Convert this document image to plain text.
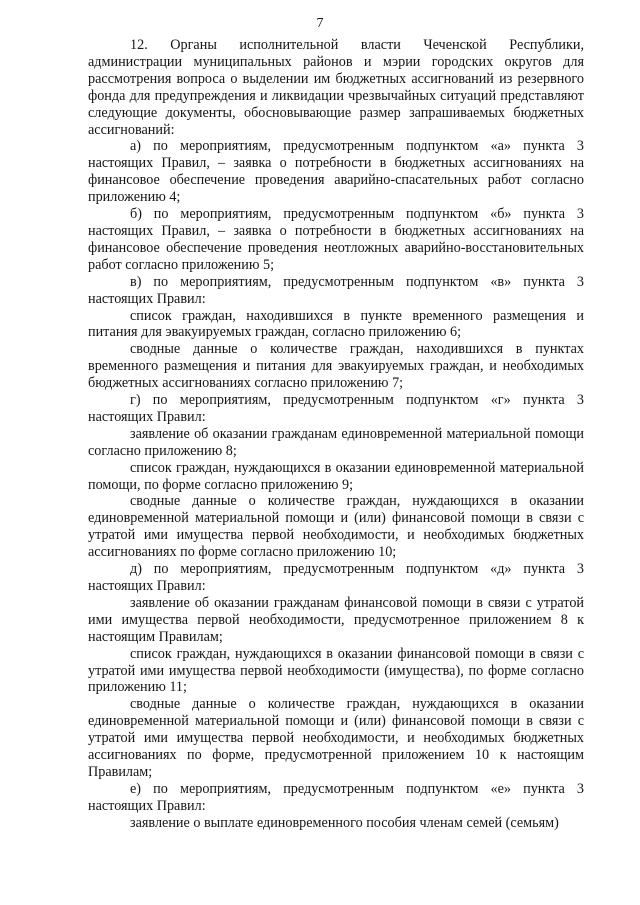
7

12. Органы исполнительной власти Чеченской Республики, администрации муниципальных районов и мэрии городских округов для рассмотрения вопроса о выделении им бюджетных ассигнований из резервного фонда для предупреждения и ликвидации чрезвычайных ситуаций представляют следующие документы, обосновывающие размер запрашиваемых бюджетных ассигнований:

а) по мероприятиям, предусмотренным подпунктом «а» пункта 3 настоящих Правил, – заявка о потребности в бюджетных ассигнованиях на финансовое обеспечение проведения аварийно-спасательных работ согласно приложению 4;

б) по мероприятиям, предусмотренным подпунктом «б» пункта 3 настоящих Правил, – заявка о потребности в бюджетных ассигнованиях на финансовое обеспечение проведения неотложных аварийно-восстановительных работ согласно приложению 5;

в) по мероприятиям, предусмотренным подпунктом «в» пункта 3 настоящих Правил:

список граждан, находившихся в пункте временного размещения и питания для эвакуируемых граждан, согласно приложению 6;

сводные данные о количестве граждан, находившихся в пунктах временного размещения и питания для эвакуируемых граждан, и необходимых бюджетных ассигнованиях согласно приложению 7;

г) по мероприятиям, предусмотренным подпунктом «г» пункта 3 настоящих Правил:

заявление об оказании гражданам единовременной материальной помощи согласно приложению 8;

список граждан, нуждающихся в оказании единовременной материальной помощи, по форме согласно приложению 9;

сводные данные о количестве граждан, нуждающихся в оказании единовременной материальной помощи и (или) финансовой помощи в связи с утратой ими имущества первой необходимости, и необходимых бюджетных ассигнованиях по форме согласно приложению 10;

д) по мероприятиям, предусмотренным подпунктом «д» пункта 3 настоящих Правил:

заявление об оказании гражданам финансовой помощи в связи с утратой ими имущества первой необходимости, предусмотренное приложением 8 к настоящим Правилам;

список граждан, нуждающихся в оказании финансовой помощи в связи с утратой ими имущества первой необходимости (имущества), по форме согласно приложению 11;

сводные данные о количестве граждан, нуждающихся в оказании единовременной материальной помощи и (или) финансовой помощи в связи с утратой ими имущества первой необходимости, и необходимых бюджетных ассигнованиях по форме, предусмотренной приложением 10 к настоящим Правилам;

е) по мероприятиям, предусмотренным подпунктом «е» пункта 3 настоящих Правил:

заявление о выплате единовременного пособия членам семей (семьям)
